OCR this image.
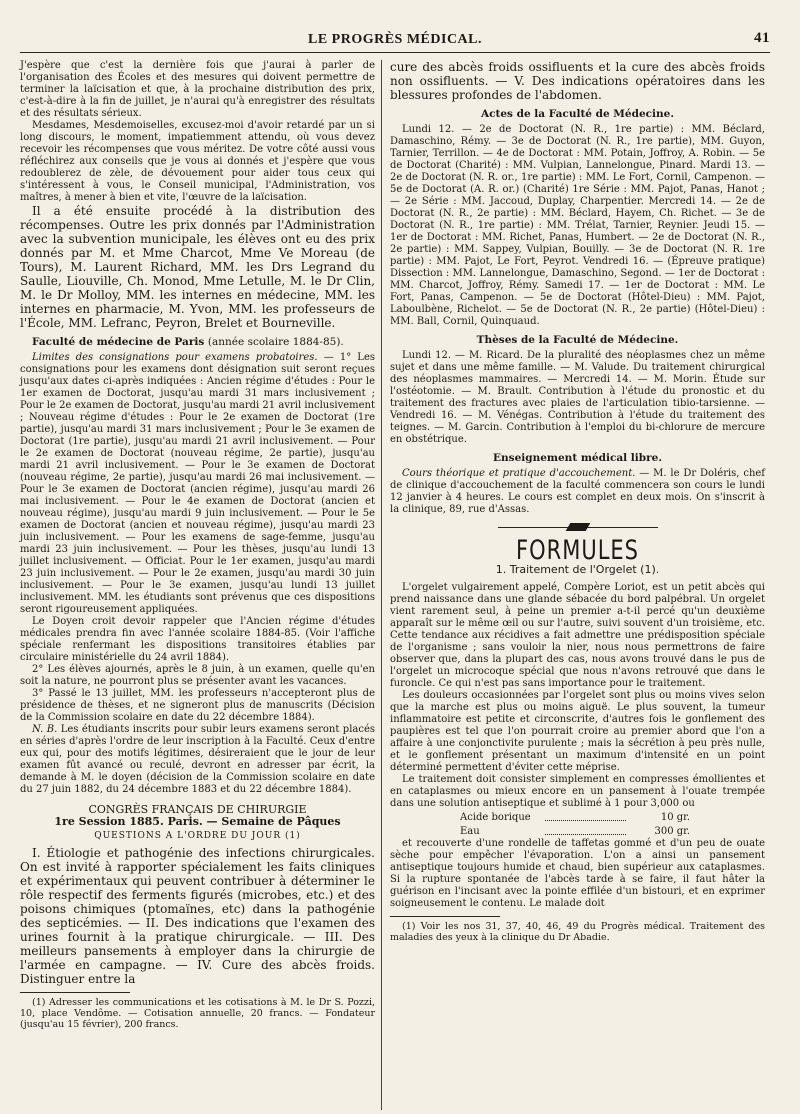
LE PROGRÈS MÉDICAL.	41

J'espère que c'est la dernière fois que j'aurai à parler de l'organisation des Écoles et des mesures qui doivent permettre de terminer la laïcisation et que, à la prochaine distribution des prix, c'est-à-dire à la fin de juillet, je n'aurai qu'à enregistrer des résultats et des résultats sérieux.

Mesdames, Mesdemoiselles, excusez-moi d'avoir retardé par un si long discours, le moment, impatiemment attendu, où vous devez recevoir les récompenses que vous méritez. De votre côté aussi vous réfléchirez aux conseils que je vous ai donnés et j'espère que vous redoublerez de zèle, de dévouement pour aider tous ceux qui s'intéressent à vous, le Conseil municipal, l'Administration, vos maîtres, à mener à bien et vite, l'œuvre de la laïcisation.

Il a été ensuite procédé à la distribution des récompenses. Outre les prix donnés par l'Administration avec la subvention municipale, les élèves ont eu des prix donnés par M. et Mme Charcot, Mme Ve Moreau (de Tours), M. Laurent Richard, MM. les Drs Legrand du Saulle, Liouville, Ch. Monod, Mme Letulle, M. le Dr Clin, M. le Dr Molloy, MM. les internes en médecine, MM. les internes en pharmacie, M. Yvon, MM. les professeurs de l'École, MM. Lefranc, Peyron, Brelet et Bourneville.

Faculté de médecine de Paris (année scolaire 1884-85).

Limites des consignations pour examens probatoires. — 1° Les consignations pour les examens dont désignation suit seront reçues jusqu'aux dates ci-après indiquées : Ancien régime d'études : Pour le 1er examen de Doctorat, jusqu'au mardi 31 mars inclusivement ; Pour le 2e examen de Doctorat, jusqu'au mardi 21 avril inclusivement ; Nouveau régime d'études : Pour le 2e examen de Doctorat (1re partie), jusqu'au mardi 31 mars inclusivement ; Pour le 3e examen de Doctorat (1re partie), jusqu'au mardi 21 avril inclusivement. — Pour le 2e examen de Doctorat (nouveau régime, 2e partie), jusqu'au mardi 21 avril inclusivement. — Pour le 3e examen de Doctorat (nouveau régime, 2e partie), jusqu'au mardi 26 mai inclusivement. — Pour le 3e examen de Doctorat (ancien régime), jusqu'au mardi 26 mai inclusivement. — Pour le 4e examen de Doctorat (ancien et nouveau régime), jusqu'au mardi 9 juin inclusivement. — Pour le 5e examen de Doctorat (ancien et nouveau régime), jusqu'au mardi 23 juin inclusivement. — Pour les examens de sage-femme, jusqu'au mardi 23 juin inclusivement. — Pour les thèses, jusqu'au lundi 13 juillet inclusivement. — Officiat. Pour le 1er examen, jusqu'au mardi 23 juin inclusivement. — Pour le 2e examen, jusqu'au mardi 30 juin inclusivement. — Pour le 3e examen, jusqu'au lundi 13 juillet inclusivement. MM. les étudiants sont prévenus que ces dispositions seront rigoureusement appliquées.

Le Doyen croit devoir rappeler que l'Ancien régime d'études médicales prendra fin avec l'année scolaire 1884-85. (Voir l'affiche spéciale renfermant les dispositions transitoires établies par circulaire ministérielle du 24 avril 1884).

2° Les élèves ajournés, après le 8 juin, à un examen, quelle qu'en soit la nature, ne pourront plus se présenter avant les vacances.

3° Passé le 13 juillet, MM. les professeurs n'accepteront plus de présidence de thèses, et ne signeront plus de manuscrits (Décision de la Commission scolaire en date du 22 décembre 1884).

N. B. Les étudiants inscrits pour subir leurs examens seront placés en séries d'après l'ordre de leur inscription à la Faculté. Ceux d'entre eux qui, pour des motifs légitimes, désireraient que le jour de leur examen fût avancé ou reculé, devront en adresser par écrit, la demande à M. le doyen (décision de la Commission scolaire en date du 27 juin 1882, du 24 décembre 1883 et du 22 décembre 1884).

CONGRÈS FRANÇAIS DE CHIRURGIE
1re Session 1885. Paris. — Semaine de Pâques
QUESTIONS A L'ORDRE DU JOUR (1)

I. Étiologie et pathogénie des infections chirurgicales. On est invité à rapporter spécialement les faits cliniques et expérimentaux qui peuvent contribuer à déterminer le rôle respectif des ferments figurés (microbes, etc.) et des poisons chimiques (ptomaïnes, etc) dans la pathogénie des septicémies. — II. Des indications que l'examen des urines fournit à la pratique chirurgicale. — III. Des meilleurs pansements à employer dans la chirurgie de l'armée en campagne. — IV. Cure des abcès froids. Distinguer entre la

(1) Adresser les communications et les cotisations à M. le Dr S. Pozzi, 10, place Vendôme. — Cotisation annuelle, 20 francs. — Fondateur (jusqu'au 15 février), 200 francs.

cure des abcès froids ossifluents et la cure des abcès froids non ossifluents. — V. Des indications opératoires dans les blessures profondes de l'abdomen.

Actes de la Faculté de Médecine.

Lundi 12. — 2e de Doctorat (N. R., 1re partie) : MM. Béclard, Damaschino, Rémy. — 3e de Doctorat (N. R., 1re partie), MM. Guyon, Tarnier, Terrillon. — 4e de Doctorat : MM. Potain, Joffroy, A. Robin. — 5e de Doctorat (Charité) : MM. Vulpian, Lannelongue, Pinard. Mardi 13. — 2e de Doctorat (N. R. or., 1re partie) : MM. Le Fort, Cornil, Campenon. — 5e de Doctorat (A. R. or.) (Charité) 1re Série : MM. Pajot, Panas, Hanot ; — 2e Série : MM. Jaccoud, Duplay, Charpentier. Mercredi 14. — 2e de Doctorat (N. R., 2e partie) : MM. Béclard, Hayem, Ch. Richet. — 3e de Doctorat (N. R., 1re partie) : MM. Trélat, Tarnier, Reynier. Jeudi 15. — 1er de Doctorat : MM. Richet, Panas, Humbert. — 2e de Doctorat (N. R., 2e partie) : MM. Sappey, Vulpian, Bouilly. — 3e de Doctorat (N. R. 1re partie) : MM. Pajot, Le Fort, Peyrot. Vendredi 16. — (Épreuve pratique) Dissection : MM. Lannelongue, Damaschino, Segond. — 1er de Doctorat : MM. Charcot, Joffroy, Rémy. Samedi 17. — 1er de Doctorat : MM. Le Fort, Panas, Campenon. — 5e de Doctorat (Hôtel-Dieu) : MM. Pajot, Laboulbène, Richelot. — 5e de Doctorat (N. R., 2e partie) (Hôtel-Dieu) : MM. Ball, Cornil, Quinquaud.

Thèses de la Faculté de Médecine.

Lundi 12. — M. Ricard. De la pluralité des néoplasmes chez un même sujet et dans une même famille. — M. Valude. Du traitement chirurgical des néoplasmes mammaires. — Mercredi 14. — M. Morin. Étude sur l'ostéotomie. — M. Brault. Contribution à l'étude du pronostic et du traitement des fractures avec plaies de l'articulation tibio-tarsienne. — Vendredi 16. — M. Vénégas. Contribution à l'étude du traitement des teignes. — M. Garcin. Contribution à l'emploi du bi-chlorure de mercure en obstétrique.

Enseignement médical libre.

Cours théorique et pratique d'accouchement. — M. le Dr Doléris, chef de clinique d'accouchement de la faculté commencera son cours le lundi 12 janvier à 4 heures. Le cours est complet en deux mois. On s'inscrit à la clinique, 89, rue d'Assas.

FORMULES
1. Traitement de l'Orgelet (1).

L'orgelet vulgairement appelé, Compère Loriot, est un petit abcès qui prend naissance dans une glande sébacée du bord palpébral. Un orgelet vient rarement seul, à peine un premier a-t-il percé qu'un deuxième apparaît sur le même œil ou sur l'autre, suivi souvent d'un troisième, etc. Cette tendance aux récidives a fait admettre une prédisposition spéciale de l'organisme ; sans vouloir la nier, nous nous permettrons de faire observer que, dans la plupart des cas, nous avons trouvé dans le pus de l'orgelet un microcoque spécial que nous n'avons retrouvé que dans le furoncle. Ce qui n'est pas sans importance pour le traitement.

Les douleurs occasionnées par l'orgelet sont plus ou moins vives selon que la marche est plus ou moins aiguë. Le plus souvent, la tumeur inflammatoire est petite et circonscrite, d'autres fois le gonflement des paupières est tel que l'on pourrait croire au premier abord que l'on a affaire à une conjonctivite purulente ; mais la sécrétion à peu près nulle, et le gonflement présentant un maximum d'intensité en un point déterminé permettent d'éviter cette méprise.

Le traitement doit consister simplement en compresses émollientes et en cataplasmes ou mieux encore en un pansement à l'ouate trempée dans une solution antiseptique et sublimé à 1 pour 3,000 ou

Acide borique	10 gr.
Eau	300 gr.

et recouverte d'une rondelle de taffetas gommé et d'un peu de ouate sèche pour empêcher l'évaporation. L'on a ainsi un pansement antiseptique toujours humide et chaud, bien supérieur aux cataplasmes. Si la rupture spontanée de l'abcès tarde à se faire, il faut hâter la guérison en l'incisant avec la pointe effilée d'un bistouri, et en exprimer soigneusement le contenu. Le malade doit

(1) Voir les nos 31, 37, 40, 46, 49 du Progrès médical. Traitement des maladies des yeux à la clinique du Dr Abadie.
